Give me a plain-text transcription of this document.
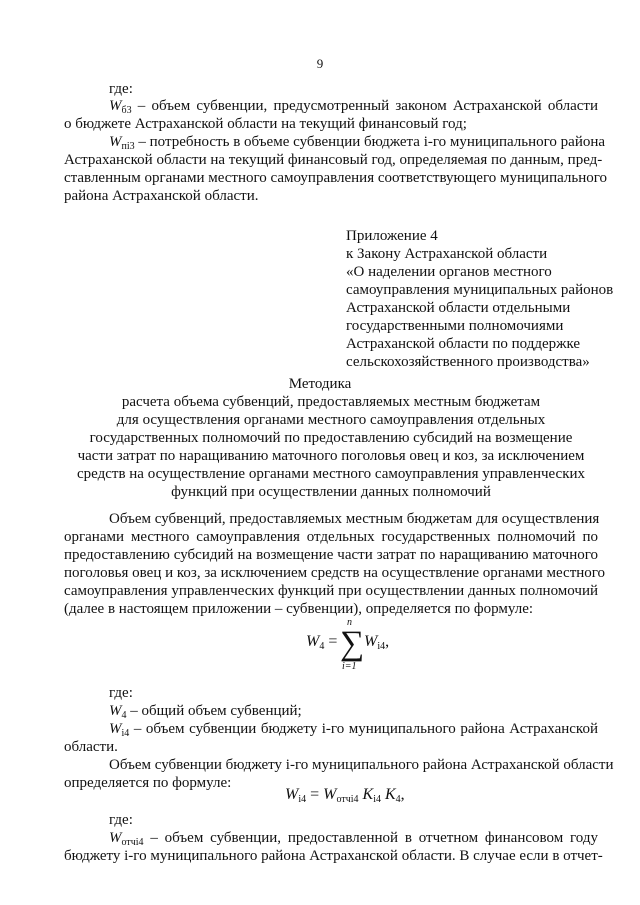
9
где:
$W_{б3}$ – объем субвенции, предусмотренный законом Астраханской области
о бюджете Астраханской области на текущий финансовый год;
$W_{пi3}$ – потребность в объеме субвенции бюджета i-го муниципального района
Астраханской области на текущий финансовый год, определяемая по данным, пред-
ставленным органами местного самоуправления соответствующего муниципального
района Астраханской области.
Приложение 4
к Закону Астраханской области
«О наделении органов местного
самоуправления муниципальных районов
Астраханской области отдельными
государственными полномочиями
Астраханской области по поддержке
сельскохозяйственного производства»
Методика
расчета объема субвенций, предоставляемых местным бюджетам
для осуществления органами местного самоуправления отдельных
государственных полномочий по предоставлению субсидий на возмещение
части затрат по наращиванию маточного поголовья овец и коз, за исключением
средств на осуществление органами местного самоуправления управленческих
функций при осуществлении данных полномочий
Объем субвенций, предоставляемых местным бюджетам для осуществления
органами местного самоуправления отдельных государственных полномочий по
предоставлению субсидий на возмещение части затрат по наращиванию маточного
поголовья овец и коз, за исключением средств на осуществление органами местного
самоуправления управленческих функций при осуществлении данных полномочий
(далее в настоящем приложении – субвенции), определяется по формуле:
$W_4$ =
n
∑
i=1
$W_{i4}$,
где:
$W_4$ – общий объем субвенций;
$W_{i4}$ – объем субвенции бюджету i-го муниципального района Астраханской
области.
Объем субвенции бюджету i-го муниципального района Астраханской области
определяется по формуле:
$W_{i4} = W_{отчi4}$ $K_{i4}$ $K_4$,
где:
$W_{отчi4}$ – объем субвенции, предоставленной в отчетном финансовом году
бюджету i-го муниципального района Астраханской области. В случае если в отчет-
